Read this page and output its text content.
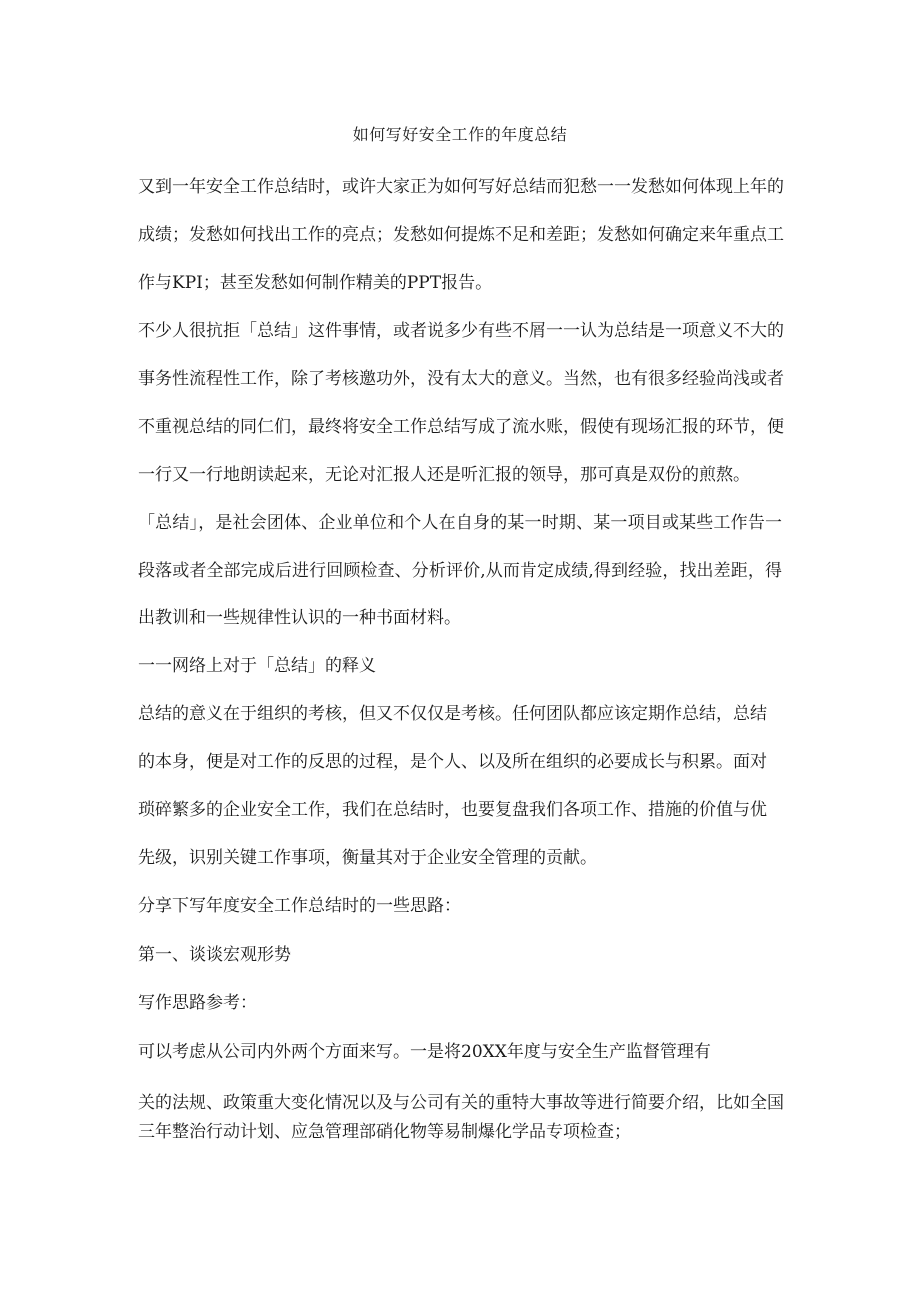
如何写好安全工作的年度总结
又到一年安全工作总结时，或许大家正为如何写好总结而犯愁一一发愁如何体现上年的
成绩；发愁如何找出工作的亮点；发愁如何提炼不足和差距；发愁如何确定来年重点工
作与KPI；甚至发愁如何制作精美的PPT报告。
不少人很抗拒「总结」这件事情，或者说多少有些不屑一一认为总结是一项意义不大的
事务性流程性工作，除了考核邀功外，没有太大的意义。当然，也有很多经验尚浅或者
不重视总结的同仁们，最终将安全工作总结写成了流水账，假使有现场汇报的环节，便
一行又一行地朗读起来，无论对汇报人还是听汇报的领导，那可真是双份的煎熬。
「总结」，是社会团体、企业单位和个人在自身的某一时期、某一项目或某些工作告一
段落或者全部完成后进行回顾检查、分析评价,从而肯定成绩,得到经验，找出差距，得
出教训和一些规律性认识的一种书面材料。
一一网络上对于「总结」的释义
总结的意义在于组织的考核，但又不仅仅是考核。任何团队都应该定期作总结，总结
的本身，便是对工作的反思的过程，是个人、以及所在组织的必要成长与积累。面对
琐碎繁多的企业安全工作，我们在总结时，也要复盘我们各项工作、措施的价值与优
先级，识别关键工作事项，衡量其对于企业安全管理的贡献。
分享下写年度安全工作总结时的一些思路：
第一、谈谈宏观形势
写作思路参考：
可以考虑从公司内外两个方面来写。一是将20XX年度与安全生产监督管理有
关的法规、政策重大变化情况以及与公司有关的重特大事故等进行简要介绍，比如全国
三年整治行动计划、应急管理部硝化物等易制爆化学品专项检查；
